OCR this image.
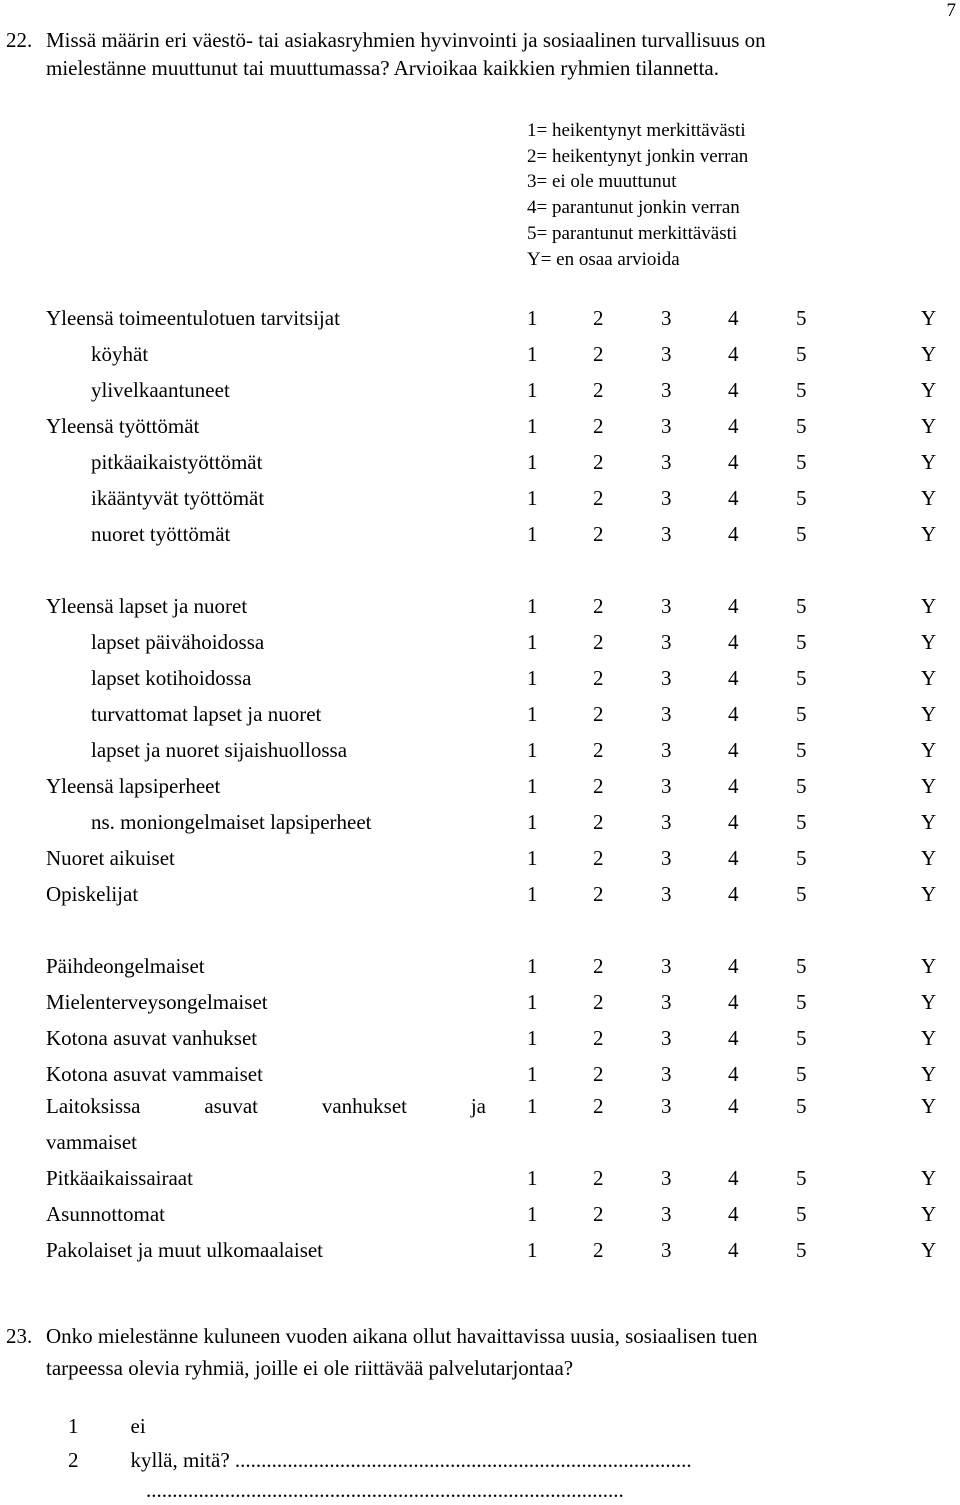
7
22. Missä määrin eri väestö- tai asiakasryhmien hyvinvointi ja sosiaalinen turvallisuus on
mielestänne muuttunut tai muuttumassa? Arvioikaa kaikkien ryhmien tilannetta.
1= heikentynyt merkittävästi
2= heikentynyt jonkin verran
3= ei ole muuttunut
4= parantunut jonkin verran
5= parantunut merkittävästi
Y= en osaa arvioida
Yleensä toimeentulotuen tarvitsijat	1	2	3	4	5	Y
köyhät	1	2	3	4	5	Y
ylivelkaantuneet	1	2	3	4	5	Y
Yleensä työttömät	1	2	3	4	5	Y
pitkäaikaistyöttömät	1	2	3	4	5	Y
ikääntyvät työttömät	1	2	3	4	5	Y
nuoret työttömät	1	2	3	4	5	Y
Yleensä lapset ja nuoret	1	2	3	4	5	Y
lapset päivähoidossa	1	2	3	4	5	Y
lapset kotihoidossa	1	2	3	4	5	Y
turvattomat lapset ja nuoret	1	2	3	4	5	Y
lapset ja nuoret sijaishuollossa	1	2	3	4	5	Y
Yleensä lapsiperheet	1	2	3	4	5	Y
ns. moniongelmaiset lapsiperheet	1	2	3	4	5	Y
Nuoret aikuiset	1	2	3	4	5	Y
Opiskelijat	1	2	3	4	5	Y
Päihdeongelmaiset	1	2	3	4	5	Y
Mielenterveysongelmaiset	1	2	3	4	5	Y
Kotona asuvat vanhukset	1	2	3	4	5	Y
Kotona asuvat vammaiset	1	2	3	4	5	Y
Laitoksissa asuvat vanhukset ja
vammaiset
1	2	3	4	5	Y
Pitkäaikaissairaat	1	2	3	4	5	Y
Asunnottomat	1	2	3	4	5	Y
Pakolaiset ja muut ulkomaalaiset	1	2	3	4	5	Y
23. Onko mielestänne kuluneen vuoden aikana ollut havaittavissa uusia, sosiaalisen tuen
tarpeessa olevia ryhmiä, joille ei ole riittävää palvelutarjontaa?
1 ei
2 kyllä, mitä? .......................................................................................
...........................................................................................
